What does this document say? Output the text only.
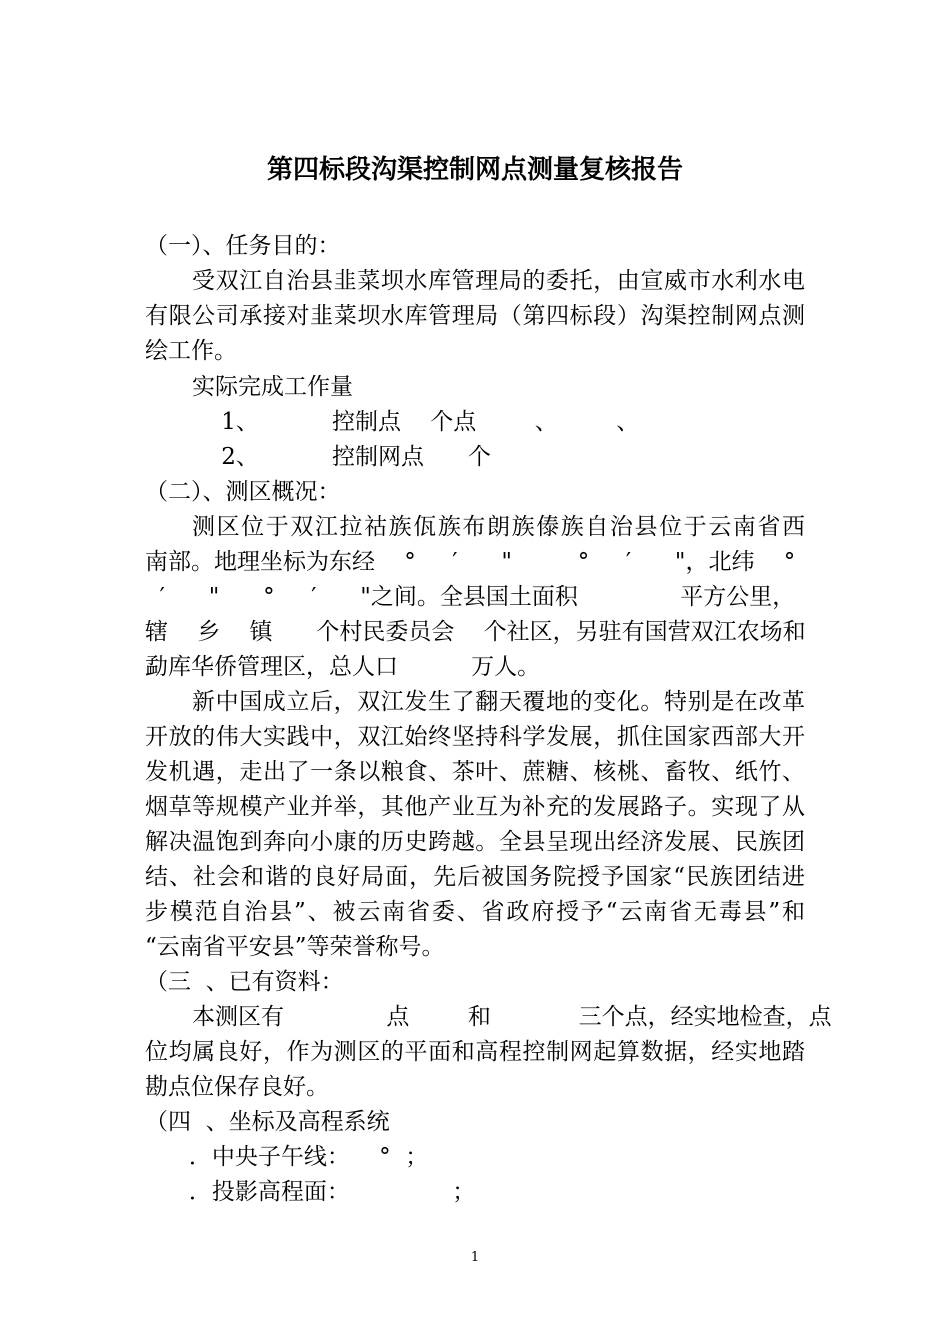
第四标段沟渠控制网点测量复核报告

（一）、任务目的：

受双江自治县韭菜坝水库管理局的委托，由宣威市水利水电

有限公司承接对韭菜坝水库管理局（第四标段）沟渠控制网点测

绘工作。

实际完成工作量

1、          控制点    个点        、        、

2、          控制网点      个

（二）、测区概况：

测区位于双江拉祜族佤族布朗族傣族自治县位于云南省西

南部。地理坐标为东经    °     ′      "         °     ′      "，北纬    °

′      "      °     ′      "之间。全县国土面积              平方公里，

辖    乡    镇      个村民委员会    个社区，另驻有国营双江农场和

勐库华侨管理区，总人口          万人。

新中国成立后，双江发生了翻天覆地的变化。特别是在改革

开放的伟大实践中，双江始终坚持科学发展，抓住国家西部大开

发机遇，走出了一条以粮食、茶叶、蔗糖、核桃、畜牧、纸竹、

烟草等规模产业并举，其他产业互为补充的发展路子。实现了从

解决温饱到奔向小康的历史跨越。全县呈现出经济发展、民族团

结、社会和谐的良好局面，先后被国务院授予国家“民族团结进

步模范自治县”、被云南省委、省政府授予“云南省无毒县”和

“云南省平安县”等荣誉称号。

（三  、已有资料：

本测区有              点        和            三个点，经实地检查，点

位均属良好，作为测区的平面和高程控制网起算数据，经实地踏

勘点位保存良好。

（四  、坐标及高程系统

．中央子午线：    °  ；

．投影高程面：              ；

1
